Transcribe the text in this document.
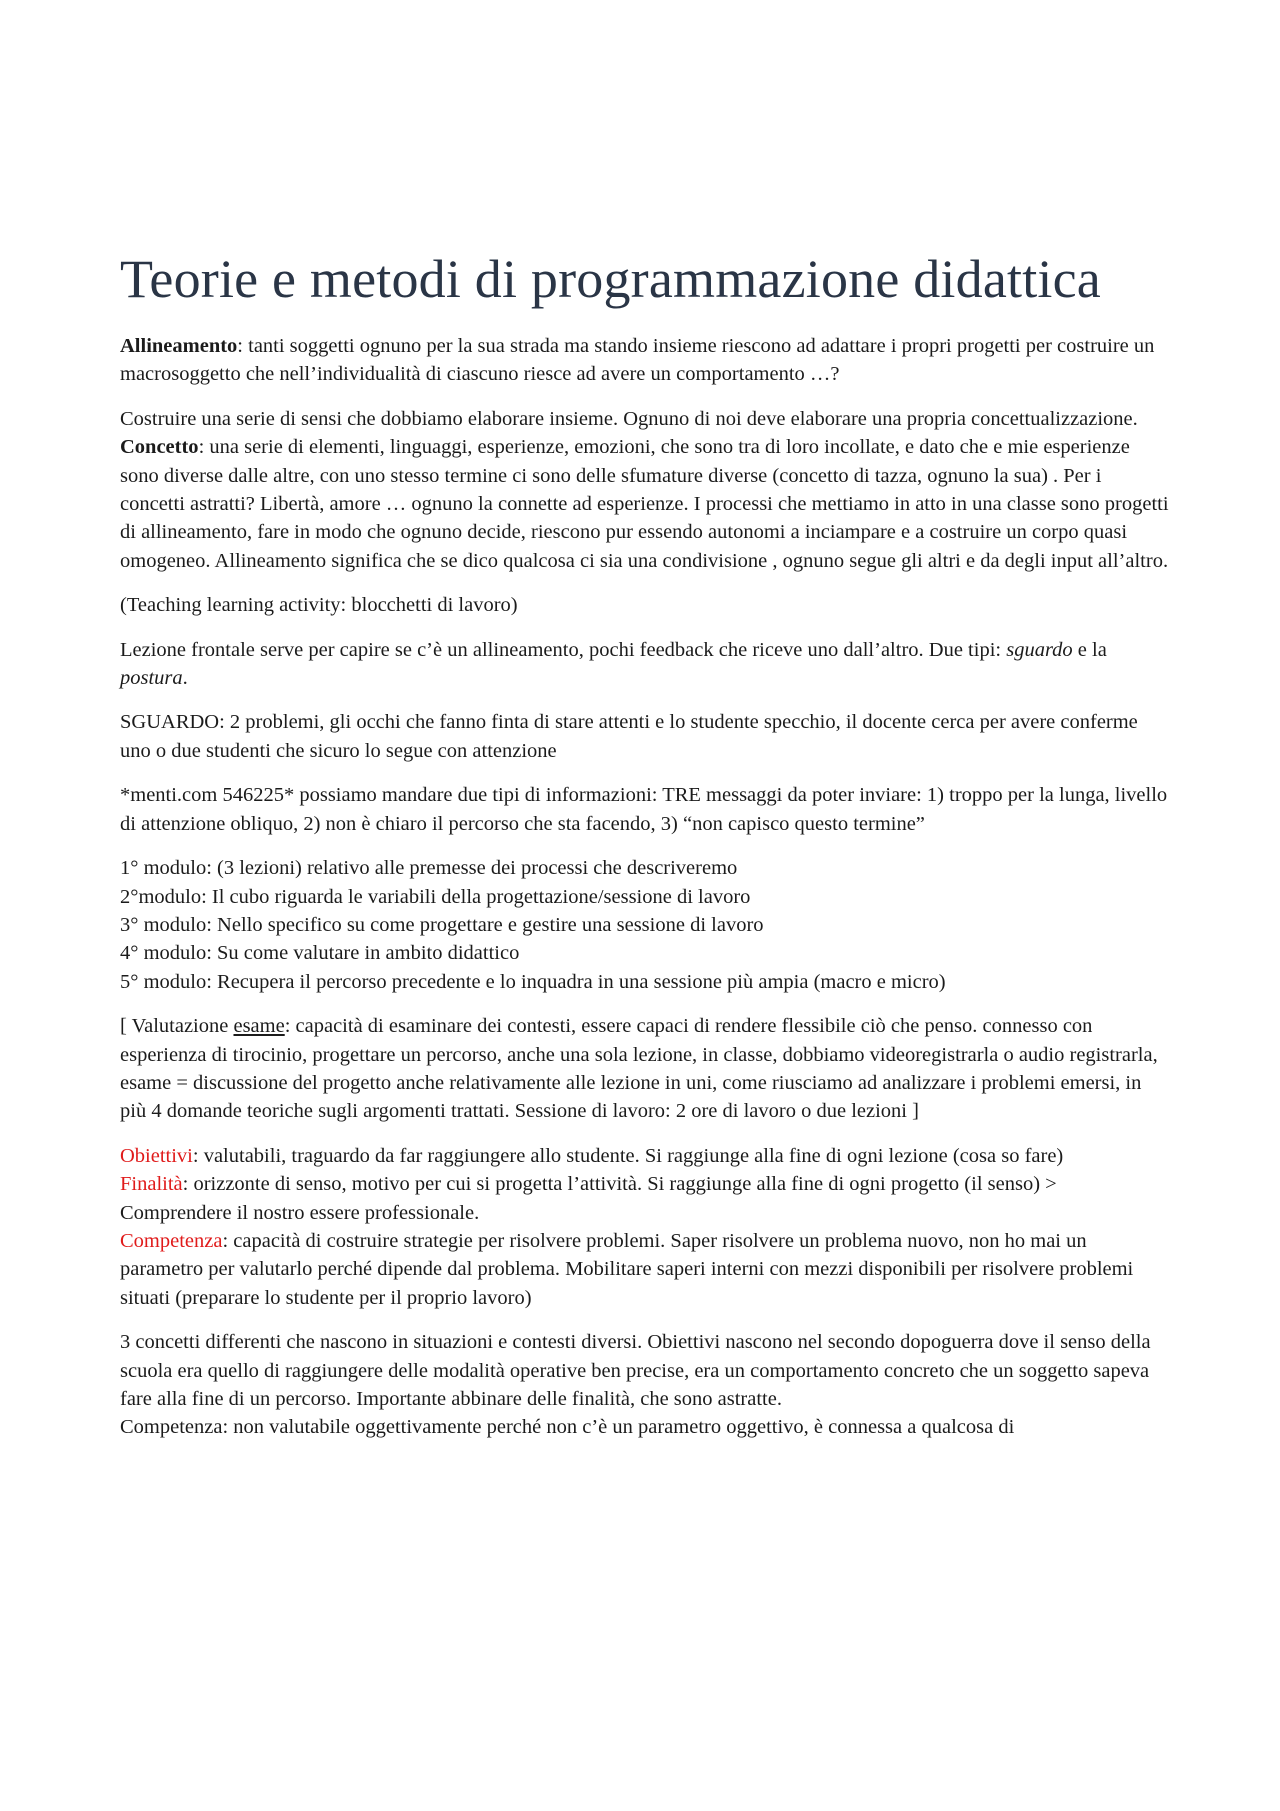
Teorie e metodi di programmazione didattica

Allineamento: tanti soggetti ognuno per la sua strada ma stando insieme riescono ad adattare i propri progetti per costruire un macrosoggetto che nell’individualità di ciascuno riesce ad avere un comportamento …?

Costruire una serie di sensi che dobbiamo elaborare insieme. Ognuno di noi deve elaborare una propria concettualizzazione.
Concetto: una serie di elementi, linguaggi, esperienze, emozioni, che sono tra di loro incollate, e dato che e mie esperienze sono diverse dalle altre, con uno stesso termine ci sono delle sfumature diverse (concetto di tazza, ognuno la sua) . Per i concetti astratti? Libertà, amore … ognuno la connette ad esperienze. I processi che mettiamo in atto in una classe sono progetti di allineamento, fare in modo che ognuno decide, riescono pur essendo autonomi a inciampare e a costruire un corpo quasi omogeneo. Allineamento significa che se dico qualcosa ci sia una condivisione , ognuno segue gli altri e da degli input all’altro.

(Teaching learning activity: blocchetti di lavoro)

Lezione frontale serve per capire se c’è un allineamento, pochi feedback che riceve uno dall’altro. Due tipi: sguardo e la postura.

SGUARDO: 2 problemi, gli occhi che fanno finta di stare attenti e lo studente specchio, il docente cerca per avere conferme uno o due studenti che sicuro lo segue con attenzione

*menti.com 546225* possiamo mandare due tipi di informazioni: TRE messaggi da poter inviare: 1) troppo per la lunga, livello di attenzione obliquo, 2) non è chiaro il percorso che sta facendo, 3) “non capisco questo termine”

1° modulo: (3 lezioni) relativo alle premesse dei processi che descriveremo

2°modulo: Il cubo riguarda le variabili della progettazione/sessione di lavoro

3° modulo: Nello specifico su come progettare e gestire una sessione di lavoro

4° modulo: Su come valutare in ambito didattico

5° modulo: Recupera il percorso precedente e lo inquadra in una sessione più ampia (macro e micro)

[ Valutazione esame: capacità di esaminare dei contesti, essere capaci di rendere flessibile ciò che penso. connesso con esperienza di tirocinio, progettare un percorso, anche una sola lezione, in classe, dobbiamo videoregistrarla o audio registrarla, esame = discussione del progetto anche relativamente alle lezione in uni, come riusciamo ad analizzare i problemi emersi, in più 4 domande teoriche sugli argomenti trattati. Sessione di lavoro: 2 ore di lavoro o due lezioni ]

Obiettivi: valutabili, traguardo da far raggiungere allo studente. Si raggiunge alla fine di ogni lezione (cosa so fare)

Finalità: orizzonte di senso, motivo per cui si progetta l’attività. Si raggiunge alla fine di ogni progetto (il senso) > Comprendere il nostro essere professionale.

Competenza: capacità di costruire strategie per risolvere problemi. Saper risolvere un problema nuovo, non ho mai un parametro per valutarlo perché dipende dal problema. Mobilitare saperi interni con mezzi disponibili per risolvere problemi situati (preparare lo studente per il proprio lavoro)

3 concetti differenti che nascono in situazioni e contesti diversi. Obiettivi nascono nel secondo dopoguerra dove il senso della scuola era quello di raggiungere delle modalità operative ben precise, era un comportamento concreto che un soggetto sapeva fare alla fine di un percorso. Importante abbinare delle finalità, che sono astratte.

Competenza: non valutabile oggettivamente perché non c’è un parametro oggettivo, è connessa a qualcosa di
